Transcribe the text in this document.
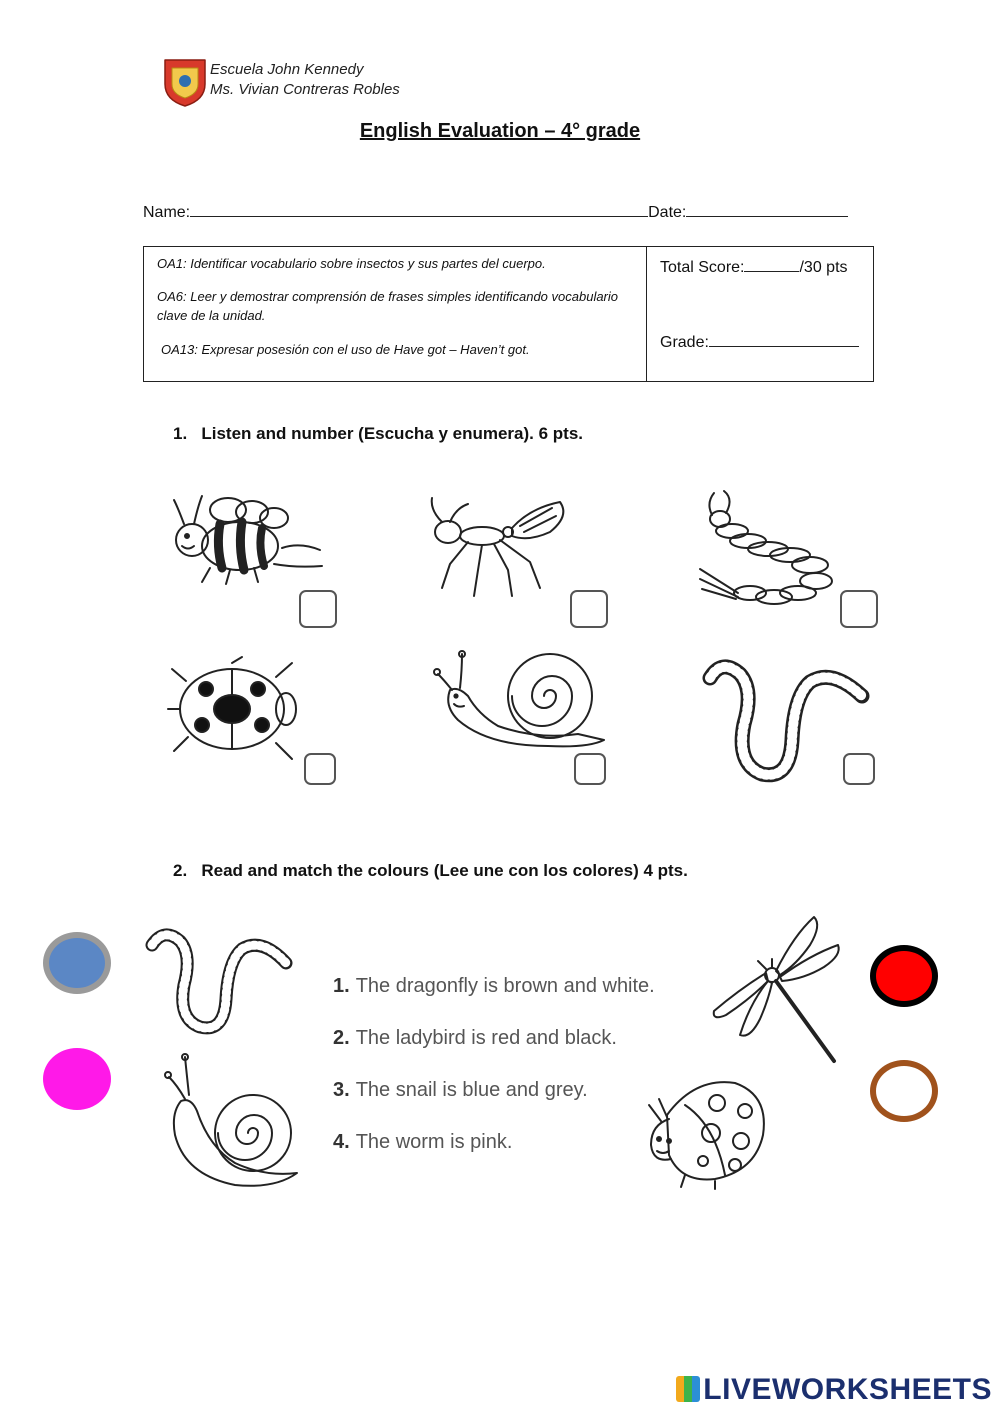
Escuela John Kennedy
Ms. Vivian Contreras Robles
English Evaluation – 4° grade
Name:	Date:
OA1: Identificar vocabulario sobre insectos y sus partes del cuerpo.
OA6: Leer y demostrar comprensión de frases simples identificando vocabulario clave de la unidad.
OA13: Expresar posesión con el uso de Have got – Haven’t got.
Total Score:	/30 pts
Grade:
1. Listen and number (Escucha y enumera). 6 pts.
2. Read and match the colours (Lee une con los colores) 4 pts.
1. The dragonfly is brown and white.
2. The ladybird is red and black.
3. The snail is blue and grey.
4. The worm is pink.
LIVEWORKSHEETS
